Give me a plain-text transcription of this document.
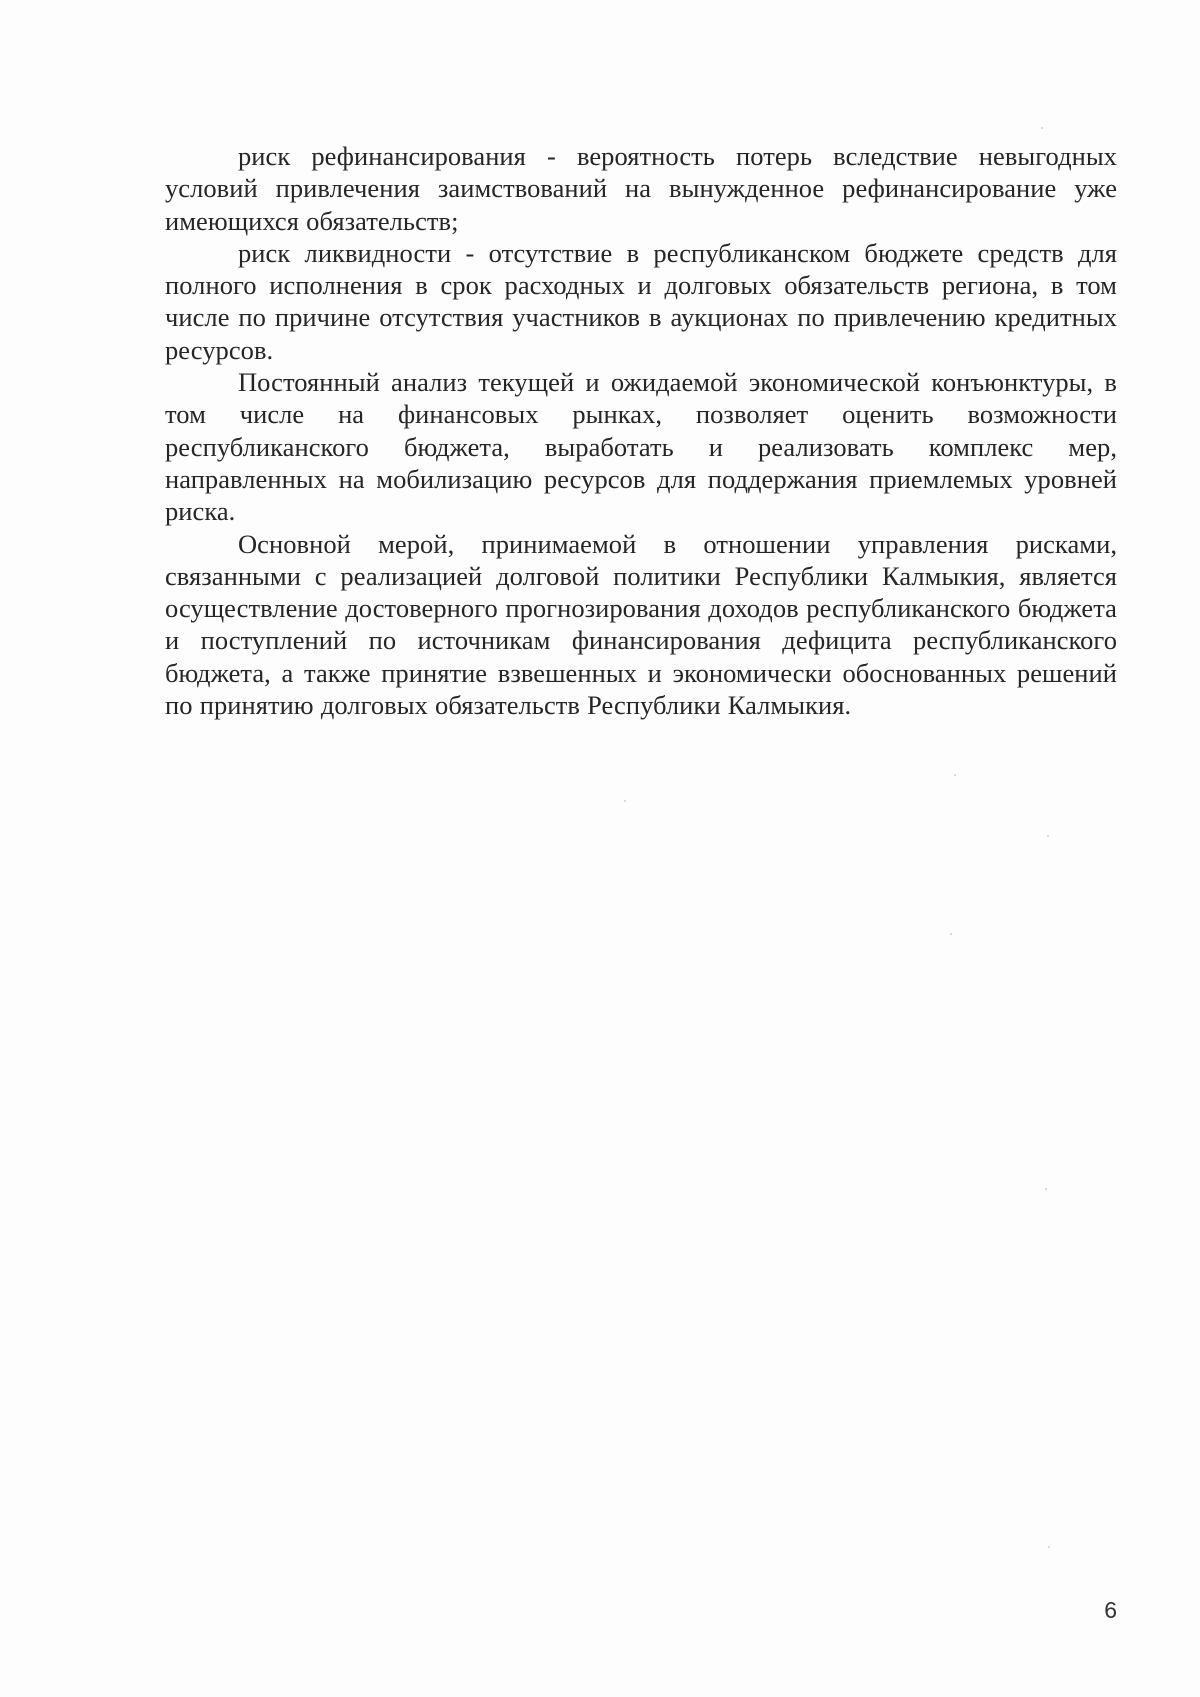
риск рефинансирования - вероятность потерь вследствие невыгодных условий привлечения заимствований на вынужденное рефинансирование уже имеющихся обязательств;

риск ликвидности - отсутствие в республиканском бюджете средств для полного исполнения в срок расходных и долговых обязательств региона, в том числе по причине отсутствия участников в аукционах по привлечению кредитных ресурсов.

Постоянный анализ текущей и ожидаемой экономической конъюнктуры, в том числе на финансовых рынках, позволяет оценить возможности республиканского бюджета, выработать и реализовать комплекс мер, направленных на мобилизацию ресурсов для поддержания приемлемых уровней риска.

Основной мерой, принимаемой в отношении управления рисками, связанными с реализацией долговой политики Республики Калмыкия, является осуществление достоверного прогнозирования доходов республиканского бюджета и поступлений по источникам финансирования дефицита республиканского бюджета, а также принятие взвешенных и экономически обоснованных решений по принятию долговых обязательств Республики Калмыкия.

6
